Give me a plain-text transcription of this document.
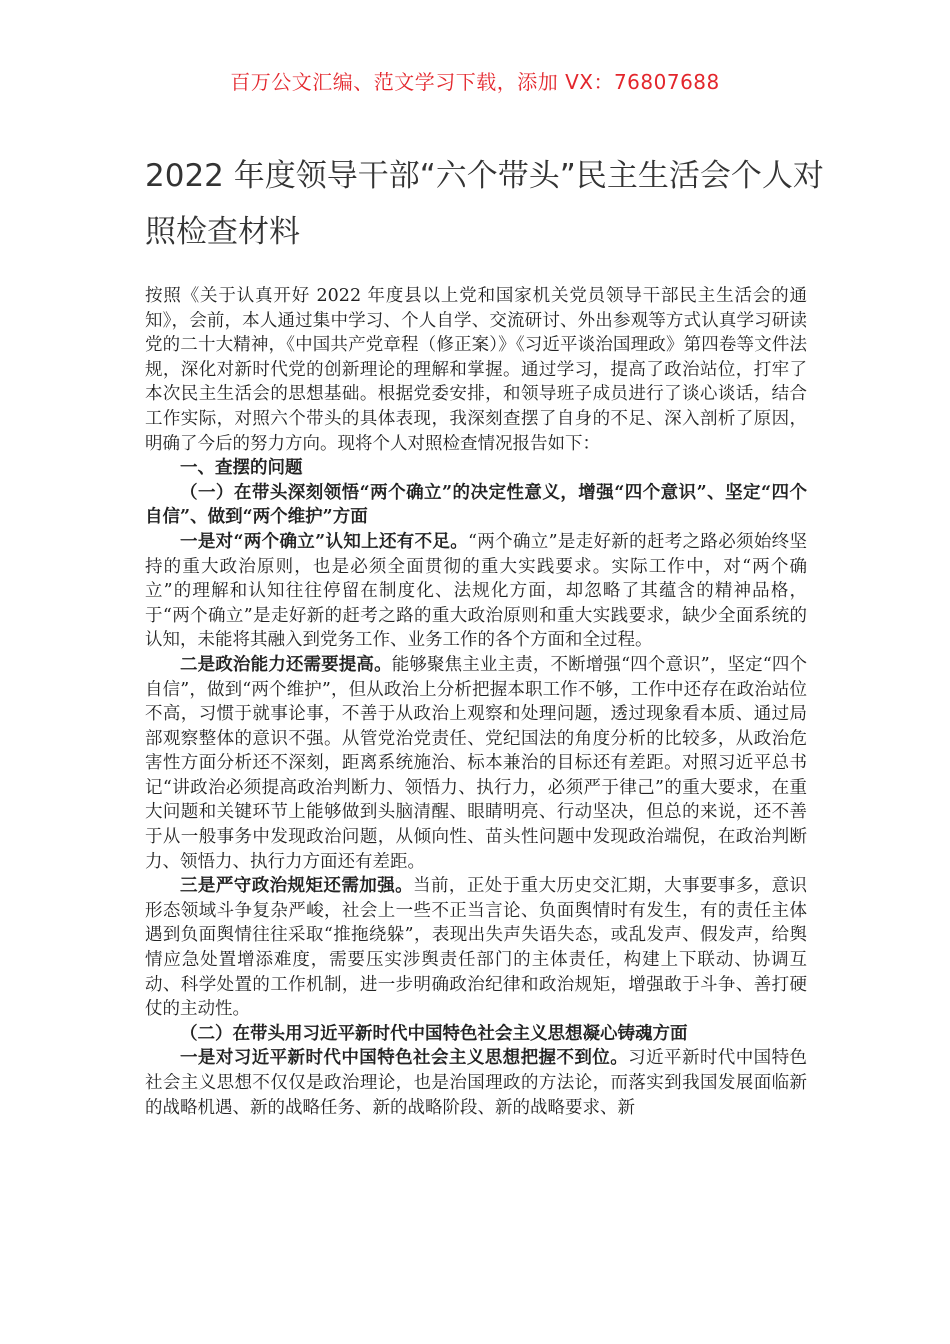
百万公文汇编、范文学习下载，添加 VX：76807688
2022 年度领导干部“六个带头”民主生活会个人对照检查材料

按照《关于认真开好 2022 年度县以上党和国家机关党员领导干部民主生活会的通知》，会前，本人通过集中学习、个人自学、交流研讨、外出参观等方式认真学习研读党的二十大精神，《中国共产党章程（修正案）》《习近平谈治国理政》第四卷等文件法规，深化对新时代党的创新理论的理解和掌握。通过学习，提高了政治站位，打牢了本次民主生活会的思想基础。根据党委安排，和领导班子成员进行了谈心谈话，结合工作实际，对照六个带头的具体表现，我深刻查摆了自身的不足、深入剖析了原因，明确了今后的努力方向。现将个人对照检查情况报告如下：

一、查摆的问题

（一）在带头深刻领悟“两个确立”的决定性意义，增强“四个意识”、坚定“四个自信”、做到“两个维护”方面

一是对“两个确立”认知上还有不足。“两个确立”是走好新的赶考之路必须始终坚持的重大政治原则，也是必须全面贯彻的重大实践要求。实际工作中，对“两个确立”的理解和认知往往停留在制度化、法规化方面，却忽略了其蕴含的精神品格，于“两个确立”是走好新的赶考之路的重大政治原则和重大实践要求，缺少全面系统的认知，未能将其融入到党务工作、业务工作的各个方面和全过程。

二是政治能力还需要提高。能够聚焦主业主责，不断增强“四个意识”，坚定“四个自信”，做到“两个维护”，但从政治上分析把握本职工作不够，工作中还存在政治站位不高，习惯于就事论事，不善于从政治上观察和处理问题，透过现象看本质、通过局部观察整体的意识不强。从管党治党责任、党纪国法的角度分析的比较多，从政治危害性方面分析还不深刻，距离系统施治、标本兼治的目标还有差距。对照习近平总书记“讲政治必须提高政治判断力、领悟力、执行力，必须严于律己”的重大要求，在重大问题和关键环节上能够做到头脑清醒、眼睛明亮、行动坚决，但总的来说，还不善于从一般事务中发现政治问题，从倾向性、苗头性问题中发现政治端倪，在政治判断力、领悟力、执行力方面还有差距。

三是严守政治规矩还需加强。当前，正处于重大历史交汇期，大事要事多，意识形态领域斗争复杂严峻，社会上一些不正当言论、负面舆情时有发生，有的责任主体遇到负面舆情往往采取“推拖绕躲”，表现出失声失语失态，或乱发声、假发声，给舆情应急处置增添难度，需要压实涉舆责任部门的主体责任，构建上下联动、协调互动、科学处置的工作机制，进一步明确政治纪律和政治规矩，增强敢于斗争、善打硬仗的主动性。

（二）在带头用习近平新时代中国特色社会主义思想凝心铸魂方面

一是对习近平新时代中国特色社会主义思想把握不到位。习近平新时代中国特色社会主义思想不仅仅是政治理论，也是治国理政的方法论，而落实到我国发展面临新的战略机遇、新的战略任务、新的战略阶段、新的战略要求、新
